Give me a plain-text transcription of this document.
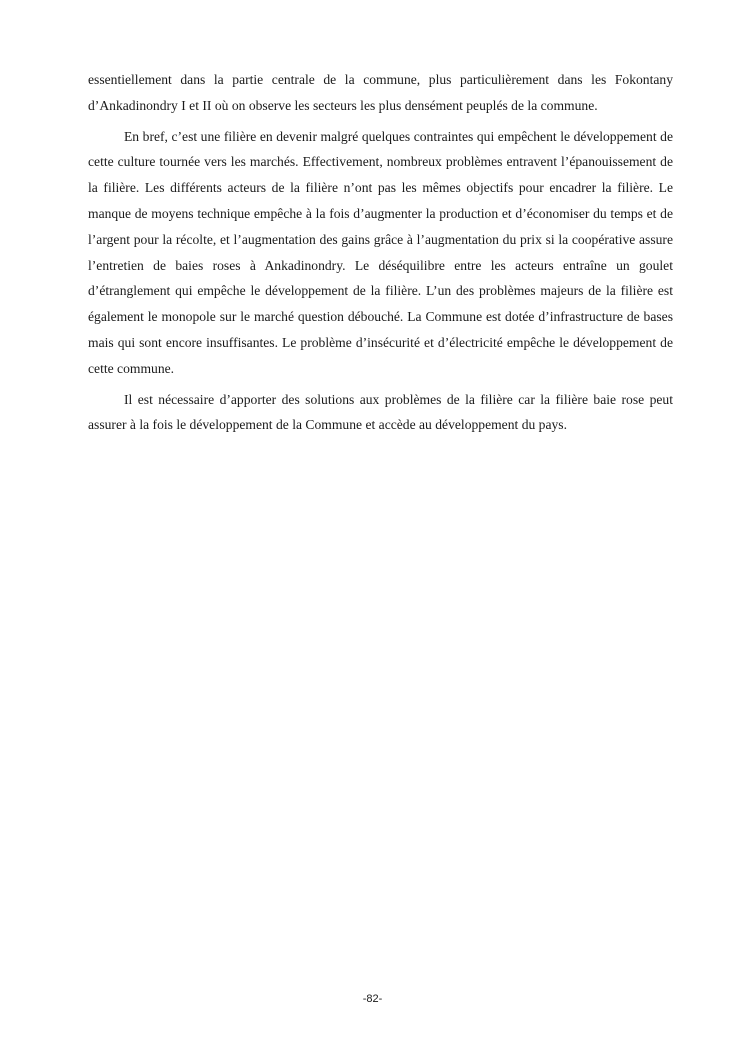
essentiellement dans la partie centrale de la commune, plus particulièrement dans les Fokontany d’Ankadinondry I et II où on observe les secteurs les plus densément peuplés de la commune.

En bref, c’est une filière en devenir malgré quelques contraintes qui empêchent le développement de cette culture tournée vers les marchés. Effectivement, nombreux problèmes entravent l’épanouissement de la filière. Les différents acteurs de la filière n’ont pas les mêmes objectifs pour encadrer la filière. Le manque de moyens technique empêche à la fois d’augmenter la production et d’économiser du temps et de l’argent pour la récolte, et l’augmentation des gains grâce à l’augmentation du prix si la coopérative assure l’entretien de baies roses à Ankadinondry. Le déséquilibre entre les acteurs entraîne un goulet d’étranglement qui empêche le développement de la filière. L’un des problèmes majeurs de la filière est également le monopole sur le marché question débouché. La Commune est dotée d’infrastructure de bases mais qui sont encore insuffisantes. Le problème d’insécurité et d’électricité empêche le développement de cette commune.

Il est nécessaire d’apporter des solutions aux problèmes de la filière car la filière baie rose peut assurer à la fois le développement de la Commune et accède au développement du pays.

-82-
